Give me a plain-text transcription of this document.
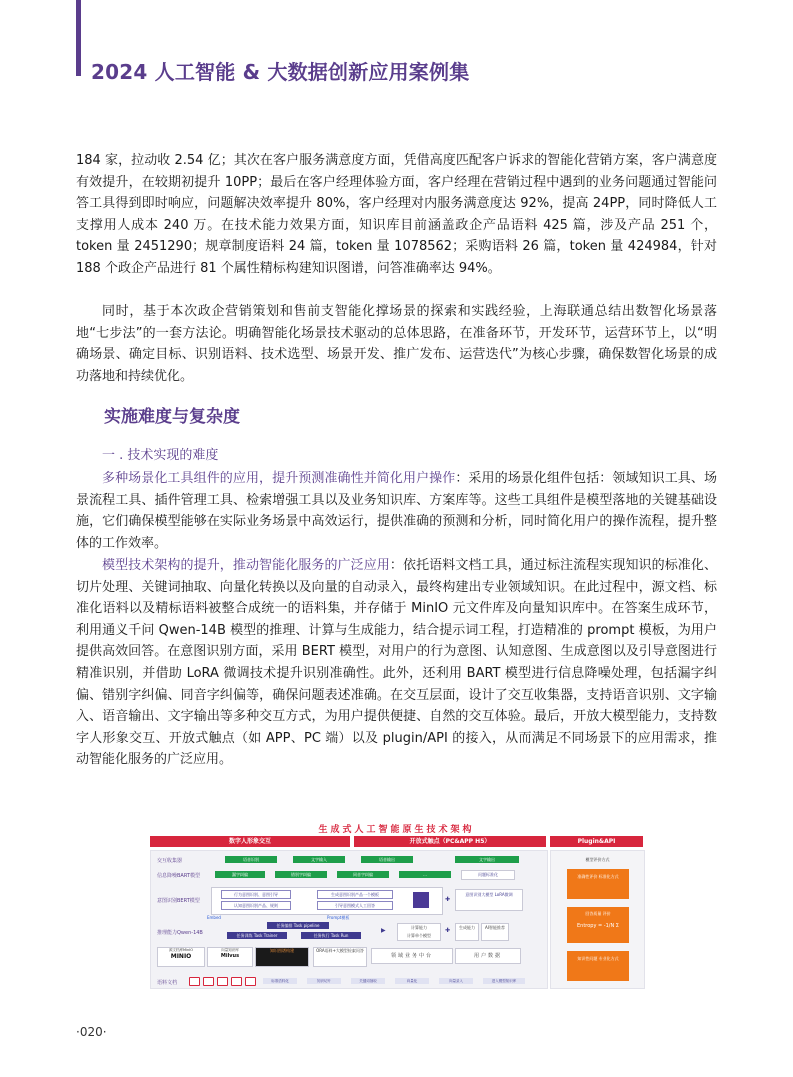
2024 人工智能 & 大数据创新应用案例集
184 家，拉动收 2.54 亿；其次在客户服务满意度方面，凭借高度匹配客户诉求的智能化营销方案，客户满意度有效提升，在较期初提升 10PP；最后在客户经理体验方面，客户经理在营销过程中遇到的业务问题通过智能问答工具得到即时响应，问题解决效率提升 80%，客户经理对内服务满意度达 92%，提高 24PP，同时降低人工支撑用人成本 240 万。在技术能力效果方面，知识库目前涵盖政企产品语料 425 篇，涉及产品 251 个，token 量 2451290；规章制度语料 24 篇，token 量 1078562；采购语料 26 篇，token 量 424984，针对 188 个政企产品进行 81 个属性精标构建知识图谱，问答准确率达 94%。
同时，基于本次政企营销策划和售前支智能化撑场景的探索和实践经验，上海联通总结出数智化场景落地“七步法”的一套方法论。明确智能化场景技术驱动的总体思路，在准备环节，开发环节，运营环节上，以“明确场景、确定目标、识别语料、技术选型、场景开发、推广发布、运营迭代”为核心步骤，确保数智化场景的成功落地和持续优化。
实施难度与复杂度
一 . 技术实现的难度
多种场景化工具组件的应用，提升预测准确性并简化用户操作：采用的场景化组件包括：领域知识工具、场景流程工具、插件管理工具、检索增强工具以及业务知识库、方案库等。这些工具组件是模型落地的关键基础设施，它们确保模型能够在实际业务场景中高效运行，提供准确的预测和分析，同时简化用户的操作流程，提升整体的工作效率。
模型技术架构的提升，推动智能化服务的广泛应用：依托语料文档工具，通过标注流程实现知识的标准化、切片处理、关键词抽取、向量化转换以及向量的自动录入，最终构建出专业领域知识。在此过程中，源文档、标准化语料以及精标语料被整合成统一的语料集，并存储于 MinIO 元文件库及向量知识库中。在答案生成环节，利用通义千问 Qwen-14B 模型的推理、计算与生成能力，结合提示词工程，打造精准的 prompt 模板，为用户提供高效回答。在意图识别方面，采用 BERT 模型，对用户的行为意图、认知意图、生成意图以及引导意图进行精准识别，并借助 LoRA 微调技术提升识别准确性。此外，还利用 BART 模型进行信息降噪处理，包括漏字纠偏、错别字纠偏、同音字纠偏等，确保问题表述准确。在交互层面，设计了交互收集器，支持语音识别、文字输入、语音输出、文字输出等多种交互方式，为用户提供便捷、自然的交互体验。最后，开放大模型能力，支持数字人形象交互、开放式触点（如 APP、PC 端）以及 plugin/API 的接入，从而满足不同场景下的应用需求，推动智能化服务的广泛应用。
生成式人工智能原生技术架构
数字人形象交互	开放式触点（PC&APP H5）	Plugin&API
交互收集器
信息降噪BART模型
意图识别BERT模型
推理能力Qwen-14B
语料文档
语音识别	文字输入	语音输出	文字输出
漏字纠偏	错别字纠偏	同音字纠偏	…	问题标准化
行为意图识别、意图引导
认知意图识别产品、规则
生成意图识别产品一个模板
引导意图模式人工回答
✚
意图识别大模型 LoRA微调
Embed	Prompt模板
任务编排 Task pipeline
任务训练 Task Trainer	任务执行 Task Run
▶	计算能力
计算单个模型
✚	生成能力	AI智能推荐
源文档库MinIO
MINIO
向量知识库
Milvus
知识图谱构建	ORA语料+大模型检索问答
领域业务中台	用户数据
标准语料化	知识切片	关键词抽取	向量化	向量录入	进入模型知识库
模型评价方式
准确性评价 标准化方式
回答质量 评价
Entropy = -1/N Σ
知识性问题 专业化方式
·020·
